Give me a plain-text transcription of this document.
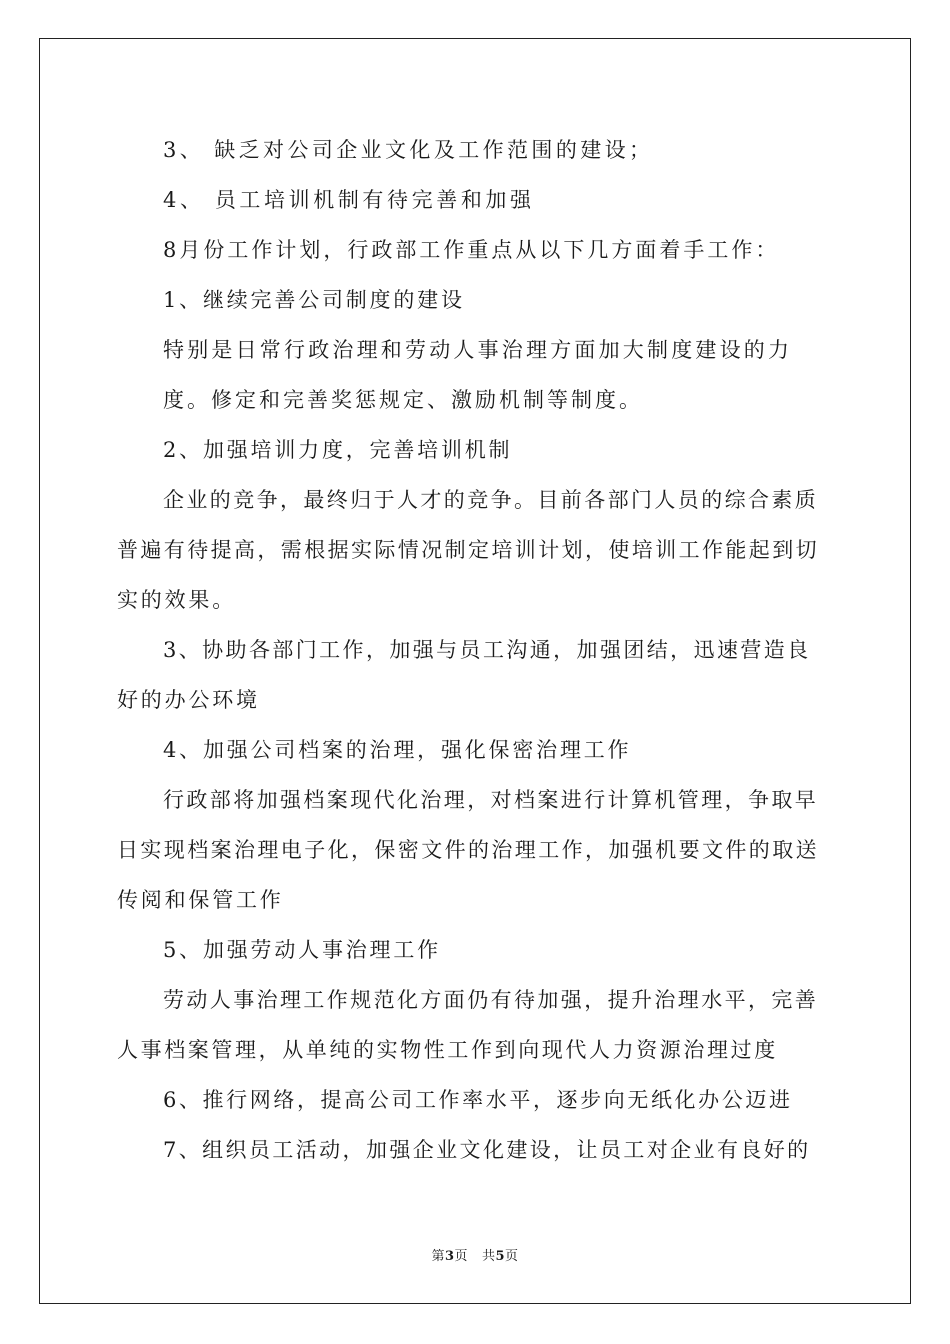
3、 缺乏对公司企业文化及工作范围的建设；
4、 员工培训机制有待完善和加强
8月份工作计划，行政部工作重点从以下几方面着手工作：
1、继续完善公司制度的建设
特别是日常行政治理和劳动人事治理方面加大制度建设的力
度。修定和完善奖惩规定、激励机制等制度。
2、加强培训力度，完善培训机制
企业的竞争，最终归于人才的竞争。目前各部门人员的综合素质
普遍有待提高，需根据实际情况制定培训计划，使培训工作能起到切
实的效果。
3、协助各部门工作，加强与员工沟通，加强团结，迅速营造良
好的办公环境
4、加强公司档案的治理，强化保密治理工作
行政部将加强档案现代化治理，对档案进行计算机管理，争取早
日实现档案治理电子化，保密文件的治理工作，加强机要文件的取送
传阅和保管工作
5、加强劳动人事治理工作
劳动人事治理工作规范化方面仍有待加强，提升治理水平，完善
人事档案管理，从单纯的实物性工作到向现代人力资源治理过度
6、推行网络，提高公司工作率水平，逐步向无纸化办公迈进
7、组织员工活动，加强企业文化建设，让员工对企业有良好的
第3页 共5页
